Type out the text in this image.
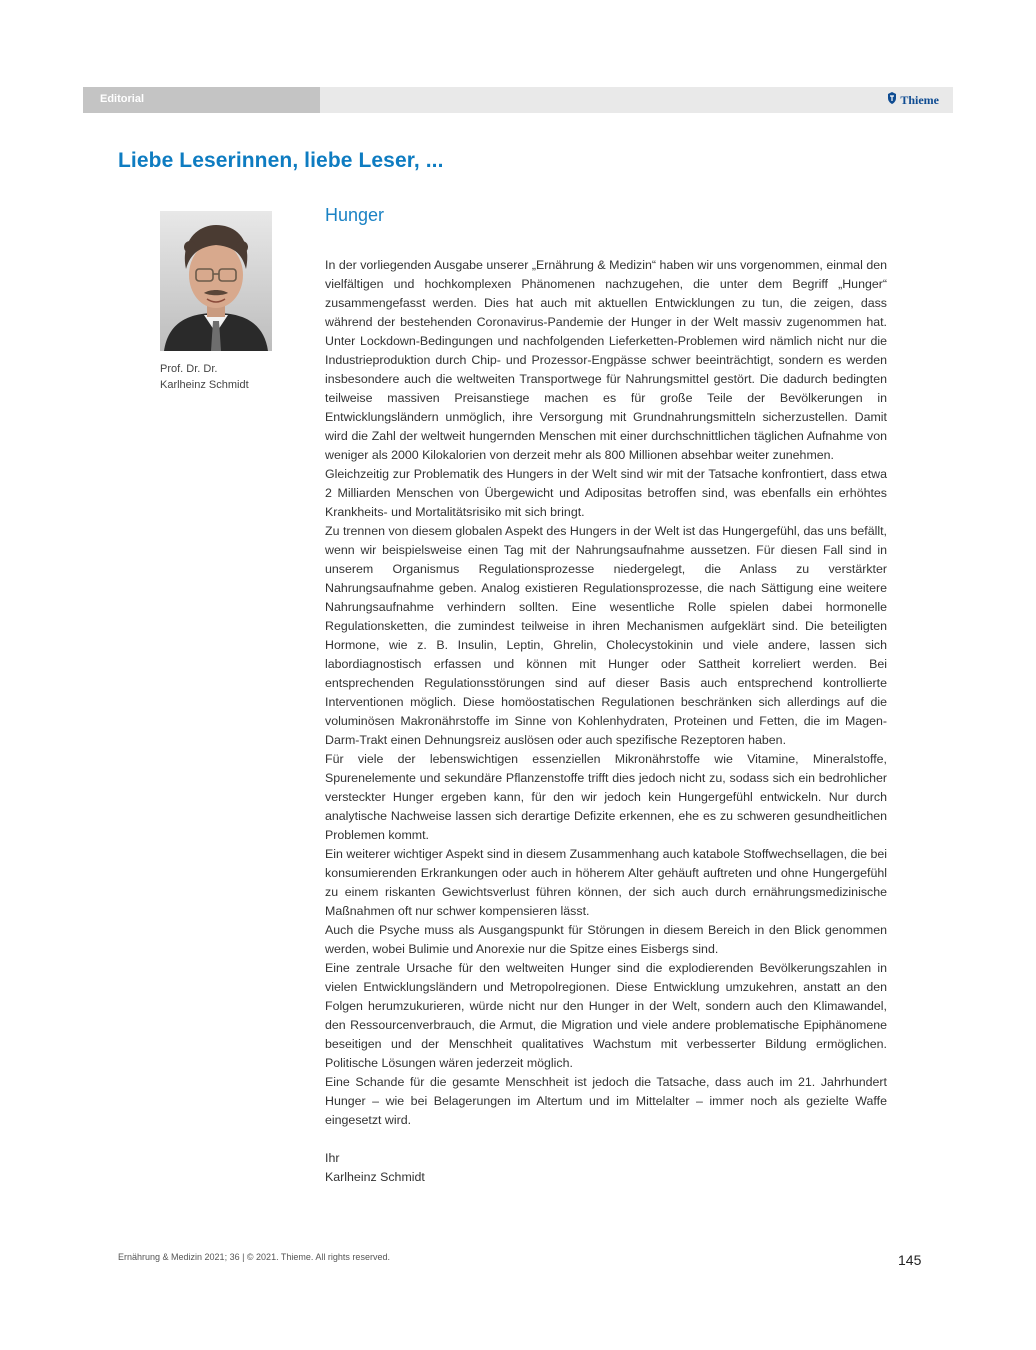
Editorial	Thieme
Liebe Leserinnen, liebe Leser, ...
Prof. Dr. Dr.
Karlheinz Schmidt
Hunger

In der vorliegenden Ausgabe unserer „Ernährung & Medizin“ haben wir uns vorgenommen, einmal den vielfältigen und hochkomplexen Phänomenen nachzugehen, die unter dem Begriff „Hunger“ zusammengefasst werden. Dies hat auch mit aktuellen Entwicklungen zu tun, die zeigen, dass während der bestehenden Coronavirus-Pandemie der Hunger in der Welt massiv zugenommen hat. Unter Lockdown-Bedingungen und nachfolgenden Lieferketten-Problemen wird nämlich nicht nur die Industrieproduktion durch Chip- und Prozessor-Engpässe schwer beeinträchtigt, sondern es werden insbesondere auch die weltweiten Transportwege für Nahrungsmittel gestört. Die dadurch bedingten teilweise massiven Preisanstiege machen es für große Teile der Bevölkerungen in Entwicklungsländern unmöglich, ihre Versorgung mit Grundnahrungsmitteln sicherzustellen. Damit wird die Zahl der weltweit hungernden Menschen mit einer durchschnittlichen täglichen Aufnahme von weniger als 2000 Kilokalorien von derzeit mehr als 800 Millionen absehbar weiter zunehmen.

Gleichzeitig zur Problematik des Hungers in der Welt sind wir mit der Tatsache konfrontiert, dass etwa 2 Milliarden Menschen von Übergewicht und Adipositas betroffen sind, was ebenfalls ein erhöhtes Krankheits- und Mortalitätsrisiko mit sich bringt.

Zu trennen von diesem globalen Aspekt des Hungers in der Welt ist das Hungergefühl, das uns befällt, wenn wir beispielsweise einen Tag mit der Nahrungsaufnahme aussetzen. Für diesen Fall sind in unserem Organismus Regulationsprozesse niedergelegt, die Anlass zu verstärkter Nahrungsaufnahme geben. Analog existieren Regulationsprozesse, die nach Sättigung eine weitere Nahrungsaufnahme verhindern sollten. Eine wesentliche Rolle spielen dabei hormonelle Regulationsketten, die zumindest teilweise in ihren Mechanismen aufgeklärt sind. Die beteiligten Hormone, wie z. B. Insulin, Leptin, Ghrelin, Cholecystokinin und viele andere, lassen sich labordiagnostisch erfassen und können mit Hunger oder Sattheit korreliert werden. Bei entsprechenden Regulationsstörungen sind auf dieser Basis auch entsprechend kontrollierte Interventionen möglich. Diese homöostatischen Regulationen beschränken sich allerdings auf die voluminösen Makronährstoffe im Sinne von Kohlenhydraten, Proteinen und Fetten, die im Magen-Darm-Trakt einen Dehnungsreiz auslösen oder auch spezifische Rezeptoren haben.

Für viele der lebenswichtigen essenziellen Mikronährstoffe wie Vitamine, Mineralstoffe, Spurenelemente und sekundäre Pflanzenstoffe trifft dies jedoch nicht zu, sodass sich ein bedrohlicher versteckter Hunger ergeben kann, für den wir jedoch kein Hungergefühl entwickeln. Nur durch analytische Nachweise lassen sich derartige Defizite erkennen, ehe es zu schweren gesundheitlichen Problemen kommt.

Ein weiterer wichtiger Aspekt sind in diesem Zusammenhang auch katabole Stoffwechsellagen, die bei konsumierenden Erkrankungen oder auch in höherem Alter gehäuft auftreten und ohne Hungergefühl zu einem riskanten Gewichtsverlust führen können, der sich auch durch ernährungsmedizinische Maßnahmen oft nur schwer kompensieren lässt.

Auch die Psyche muss als Ausgangspunkt für Störungen in diesem Bereich in den Blick genommen werden, wobei Bulimie und Anorexie nur die Spitze eines Eisbergs sind.

Eine zentrale Ursache für den weltweiten Hunger sind die explodierenden Bevölkerungszahlen in vielen Entwicklungsländern und Metropolregionen. Diese Entwicklung umzukehren, anstatt an den Folgen herumzukurieren, würde nicht nur den Hunger in der Welt, sondern auch den Klimawandel, den Ressourcenverbrauch, die Armut, die Migration und viele andere problematische Epiphänomene beseitigen und der Menschheit qualitatives Wachstum mit verbesserter Bildung ermöglichen. Politische Lösungen wären jederzeit möglich.

Eine Schande für die gesamte Menschheit ist jedoch die Tatsache, dass auch im 21. Jahrhundert Hunger – wie bei Belagerungen im Altertum und im Mittelalter – immer noch als gezielte Waffe eingesetzt wird.

Ihr
Karlheinz Schmidt
Ernährung & Medizin 2021; 36 | © 2021. Thieme. All rights reserved.	145
